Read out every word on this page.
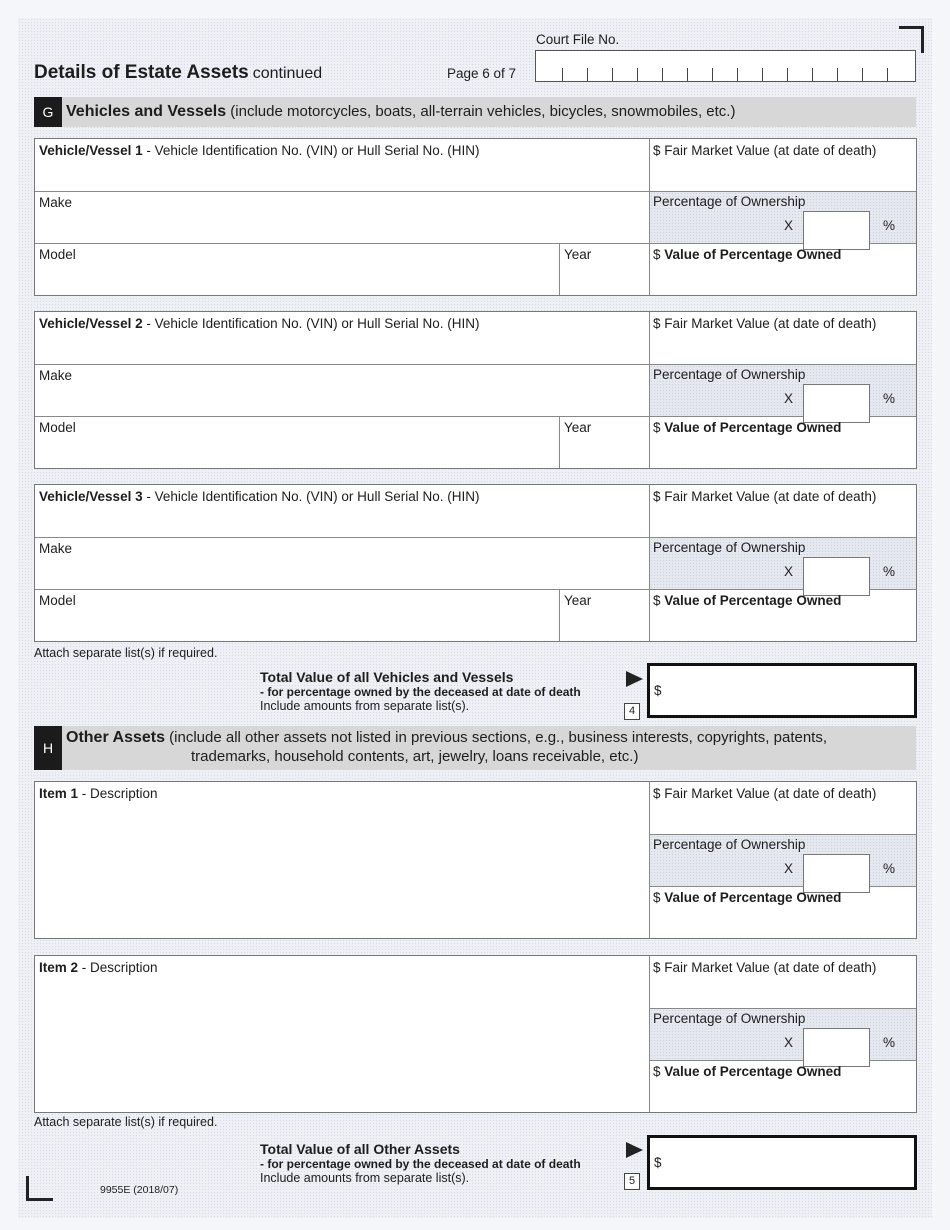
Details of Estate Assets continued	Page 6 of 7
Court File No.
G Vehicles and Vessels (include motorcycles, boats, all-terrain vehicles, bicycles, snowmobiles, etc.)
Vehicle/Vessel 1 - Vehicle Identification No. (VIN) or Hull Serial No. (HIN)	$ Fair Market Value (at date of death)
Make	Percentage of Ownership
X	%
Model	Year	$ Value of Percentage Owned
Vehicle/Vessel 2 - Vehicle Identification No. (VIN) or Hull Serial No. (HIN)	$ Fair Market Value (at date of death)
Make	Percentage of Ownership
X	%
Model	Year	$ Value of Percentage Owned
Vehicle/Vessel 3 - Vehicle Identification No. (VIN) or Hull Serial No. (HIN)	$ Fair Market Value (at date of death)
Make	Percentage of Ownership
X	%
Model	Year	$ Value of Percentage Owned
Attach separate list(s) if required.
Total Value of all Vehicles and Vessels
- for percentage owned by the deceased at date of death
Include amounts from separate list(s).	4
$
H
Other Assets (include all other assets not listed in previous sections, e.g., business interests, copyrights, patents,
trademarks, household contents, art, jewelry, loans receivable, etc.)
Item 1 - Description	$ Fair Market Value (at date of death)
Percentage of Ownership
X	%
$ Value of Percentage Owned
Item 2 - Description	$ Fair Market Value (at date of death)
Percentage of Ownership
X	%
$ Value of Percentage Owned
Attach separate list(s) if required.
Total Value of all Other Assets
- for percentage owned by the deceased at date of death
Include amounts from separate list(s).	5
$
9955E (2018/07)
